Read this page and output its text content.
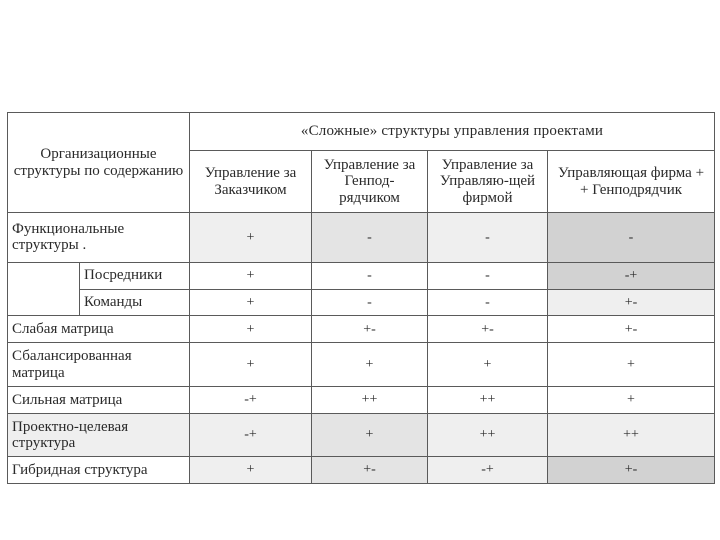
Организационные структуры по содержанию		«Сложные» структуры управления проектами			
		Управление за Заказчиком	Управление за Генпод-рядчиком	Управление за Управляю-щей фирмой	Управляющая фирма + + Генподрядчик
Функциональные структуры .		+	-	-	-
	Посредники	+	-	-	-+
	Команды	+	-	-	+-
Слабая матрица		+	+-	+-	+-
Сбалансированная матрица		+	+	+	+
Сильная матрица		-+	++	++	+
Проектно-целевая структура		-+	+	++	++
Гибридная структура		+	+-	-+	+-
